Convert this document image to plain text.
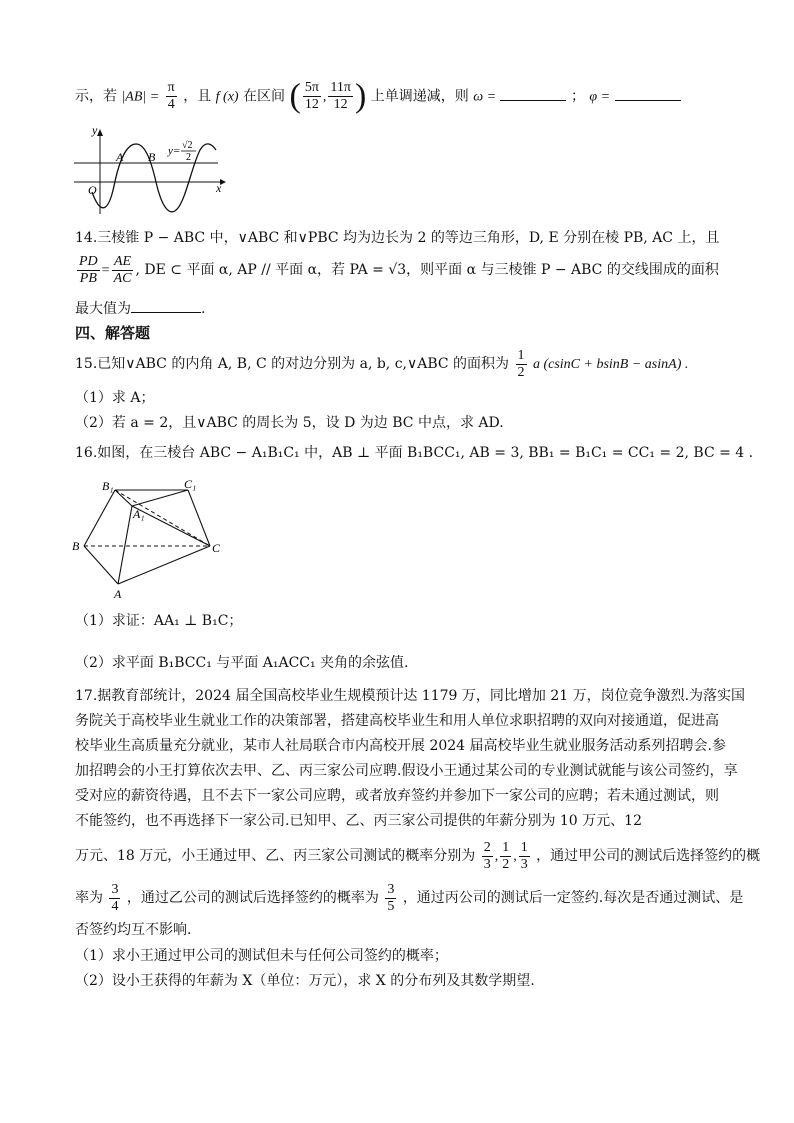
示，若 $|AB| = \frac{\pi}{4}$ ，且 f (x) 在区间 ( $\frac{5\pi}{12}$ , $\frac{11\pi}{12}$ ) 上单调递减，则 ω =	； φ =
y
x
O
A B y= √2
2
14.三棱锥 P − ABC 中，∨ABC 和∨PBC 均为边长为 2 的等边三角形，D, E 分别在棱 PB, AC 上，且
$\frac{PD}{PB} = \frac{AE}{AC}$ , DE ⊂ 平面 α, AP // 平面 α，若 PA = √3，则平面 α 与三棱锥 P − ABC 的交线围成的面积
最大值为	.
四、解答题
15.已知∨ABC 的内角 A, B, C 的对边分别为 a, b, c,∨ABC 的面积为 $\frac{1}{2}$ a (csinC + bsinB − asinA) .
（1）求 A；
（2）若 a = 2，且∨ABC 的周长为 5，设 D 为边 BC 中点，求 AD.
16.如图，在三棱台 ABC − A₁B₁C₁ 中，AB ⊥ 平面 B₁BCC₁, AB = 3, BB₁ = B₁C₁ = CC₁ = 2, BC = 4 .
B₁	C₁
A₁
B	C
A
（1）求证：AA₁ ⊥ B₁C；
（2）求平面 B₁BCC₁ 与平面 A₁ACC₁ 夹角的余弦值.
17.据教育部统计，2024 届全国高校毕业生规模预计达 1179 万，同比增加 21 万，岗位竞争激烈.为落实国
务院关于高校毕业生就业工作的决策部署，搭建高校毕业生和用人单位求职招聘的双向对接通道，促进高
校毕业生高质量充分就业，某市人社局联合市内高校开展 2024 届高校毕业生就业服务活动系列招聘会.参
加招聘会的小王打算依次去甲、乙、丙三家公司应聘.假设小王通过某公司的专业测试就能与该公司签约，享
受对应的薪资待遇，且不去下一家公司应聘，或者放弃签约并参加下一家公司的应聘；若未通过测试，则
不能签约，也不再选择下一家公司.已知甲、乙、丙三家公司提供的年薪分别为 10 万元、12
万元、18 万元，小王通过甲、乙、丙三家公司测试的概率分别为 $\frac{2}{3}$ , $\frac{1}{2}$ , $\frac{1}{3}$ ，通过甲公司的测试后选择签约的概
率为 $\frac{3}{4}$ ，通过乙公司的测试后选择签约的概率为 $\frac{3}{5}$ ，通过丙公司的测试后一定签约.每次是否通过测试、是
否签约均互不影响.
（1）求小王通过甲公司的测试但未与任何公司签约的概率；
（2）设小王获得的年薪为 X（单位：万元），求 X 的分布列及其数学期望.
